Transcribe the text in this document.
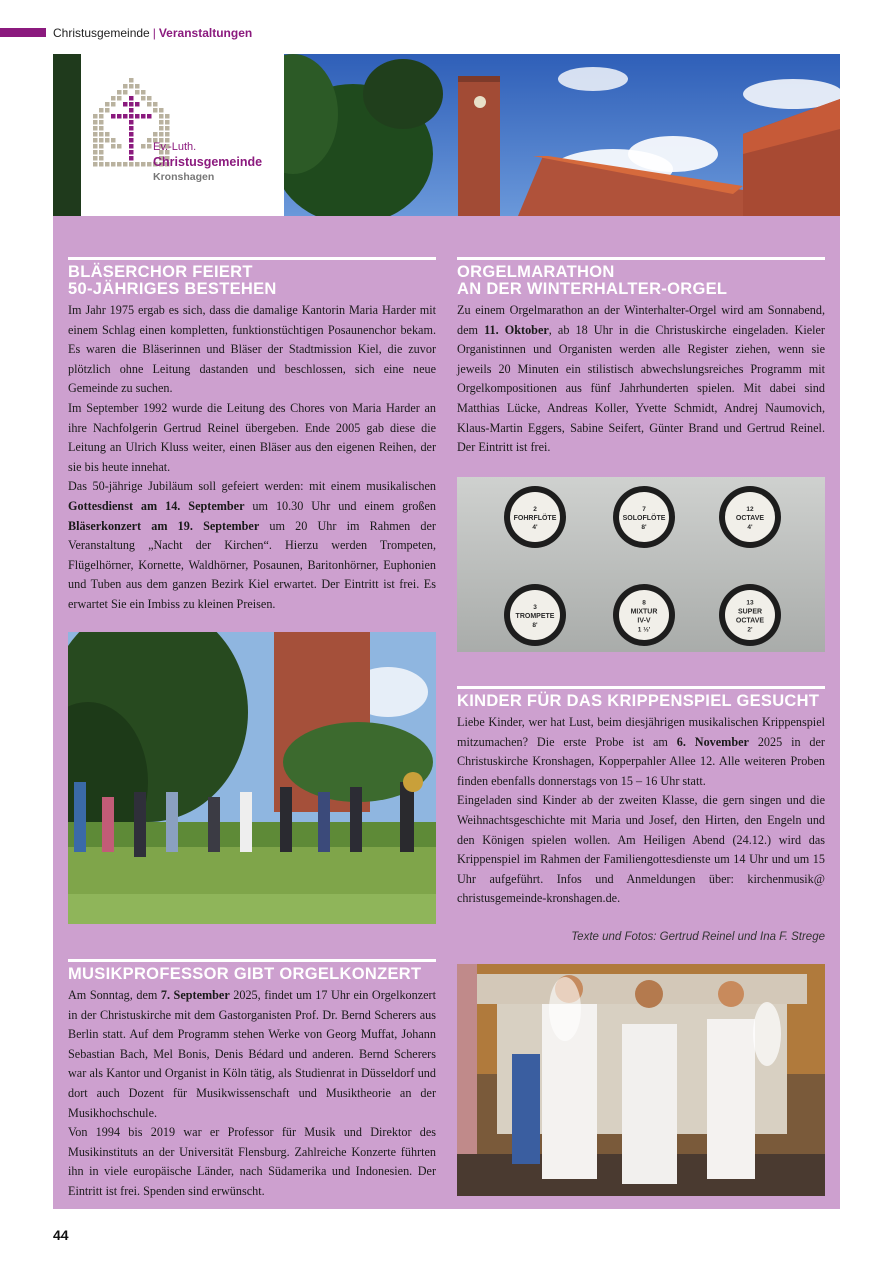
Christusgemeinde | Veranstaltungen
Ev.-Luth.
Christusgemeinde
Kronshagen
BLÄSERCHOR FEIERT
50-JÄHRIGES BESTEHEN

Im Jahr 1975 ergab es sich, dass die damalige Kantorin Maria Harder mit einem Schlag einen kompletten, funktionstüchtigen Posaunenchor bekam. Es waren die Bläserinnen und Bläser der Stadtmission Kiel, die zuvor plötzlich ohne Leitung dastanden und beschlossen, sich eine neue Gemeinde zu suchen.

Im September 1992 wurde die Leitung des Chores von Maria Harder an ihre Nachfolgerin Gertrud Reinel übergeben. Ende 2005 gab diese die Leitung an Ulrich Kluss weiter, einen Bläser aus den eigenen Reihen, der sie bis heute innehat.

Das 50-jährige Jubiläum soll gefeiert werden: mit einem musikalischen Gottesdienst am 14. September um 10.30 Uhr und einem großen Bläserkonzert am 19. September um 20 Uhr im Rahmen der Veranstaltung „Nacht der Kirchen“. Hierzu werden Trompeten, Flügelhörner, Kornette, Waldhörner, Posaunen, Baritonhörner, Euphonien und Tuben aus dem ganzen Bezirk Kiel erwartet. Der Eintritt ist frei. Es erwartet Sie ein Imbiss zu kleinen Preisen.

MUSIKPROFESSOR GIBT ORGELKONZERT

Am Sonntag, dem 7. September 2025, findet um 17 Uhr ein Orgelkonzert in der Christuskirche mit dem Gastorganisten Prof. Dr. Bernd Scherers aus Berlin statt. Auf dem Programm stehen Werke von Georg Muffat, Johann Sebastian Bach, Mel Bonis, Denis Bédard und anderen. Bernd Scherers war als Kantor und Organist in Köln tätig, als Studienrat in Düsseldorf und dort auch Dozent für Musikwissenschaft und Musiktheorie an der Musikhochschule.

Von 1994 bis 2019 war er Professor für Musik und Direktor des Musikinstituts an der Universität Flensburg. Zahlreiche Konzerte führten ihn in viele europäische Länder, nach Südamerika und Indonesien. Der Eintritt ist frei. Spenden sind erwünscht.

ORGELMARATHON
AN DER WINTERHALTER-ORGEL

Zu einem Orgelmarathon an der Winterhalter-Orgel wird am Sonnabend, dem 11. Oktober, ab 18 Uhr in die Christuskirche eingeladen. Kieler Organistinnen und Organisten werden alle Register ziehen, wenn sie jeweils 20 Minuten ein stilistisch abwechslungsreiches Programm mit Orgelkompositionen aus fünf Jahrhunderten spielen. Mit dabei sind Matthias Lücke, Andreas Koller, Yvette Schmidt, Andrej Naumovich, Klaus-Martin Eggers, Sabine Seifert, Günter Brand und Gertrud Reinel. Der Eintritt ist frei.

2
FOHRFLÖTE
4'
7
SOLOFLÖTE
8'
12
OCTAVE
4'
3
TROMPETE
8'
8
MIXTUR
IV-V
1 ⅓'
13
SUPER
OCTAVE
2'
KINDER FÜR DAS KRIPPENSPIEL GESUCHT

Liebe Kinder, wer hat Lust, beim diesjährigen musikalischen Krippenspiel mitzumachen? Die erste Probe ist am 6. November 2025 in der Christuskirche Kronshagen, Kopperpahler Allee 12. Alle weiteren Proben finden ebenfalls donnerstags von 15 – 16 Uhr statt.

Eingeladen sind Kinder ab der zweiten Klasse, die gern singen und die Weihnachtsgeschichte mit Maria und Josef, den Hirten, den Engeln und den Königen spielen wollen. Am Heiligen Abend (24.12.) wird das Krippenspiel im Rahmen der Familiengottesdienste um 14 Uhr und um 15 Uhr aufgeführt. Infos und Anmeldungen über: kirchenmusik@ christusgemeinde-kronshagen.de.

Texte und Fotos: Gertrud Reinel und Ina F. Strege
44
